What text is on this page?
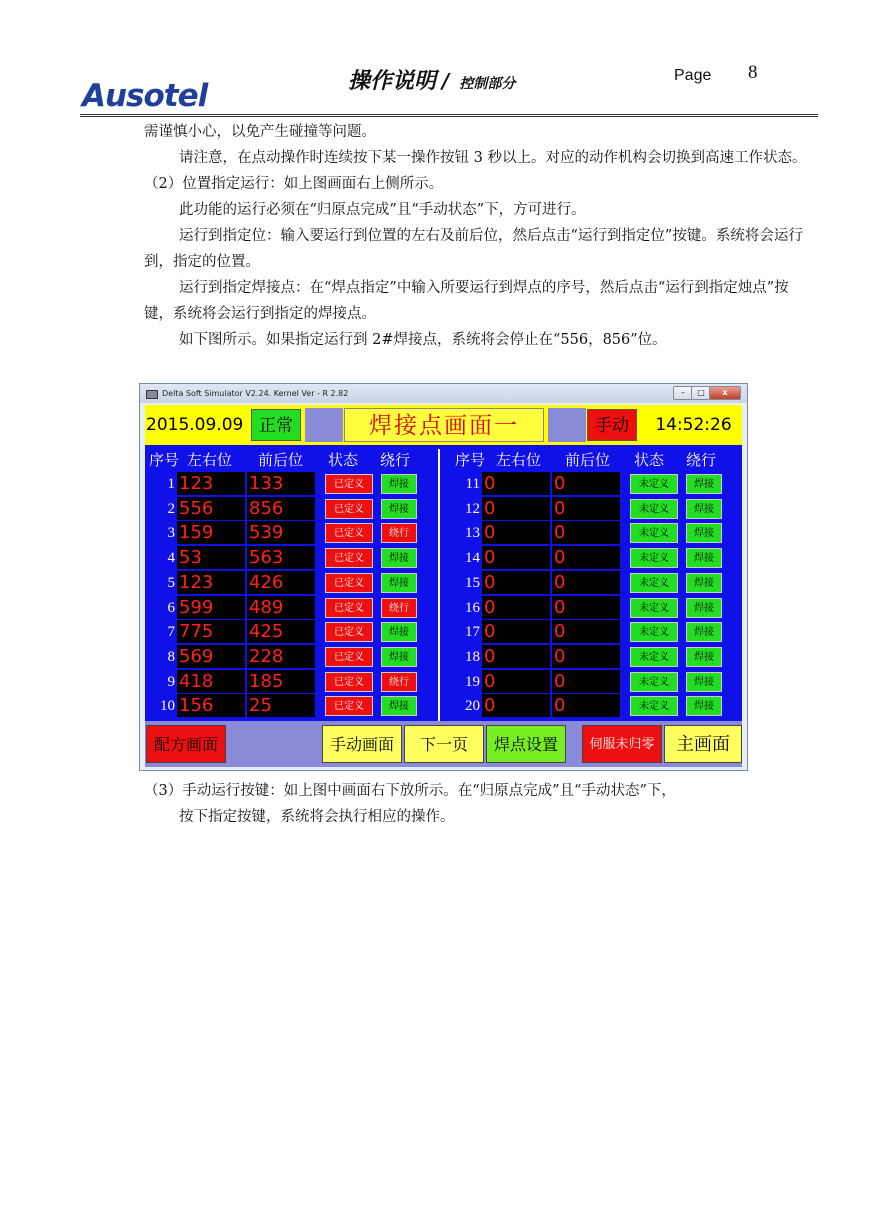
Ausotel	操作说明 / 控制部分	Page 8

需谨慎小心，以免产生碰撞等问题。

请注意，在点动操作时连续按下某一操作按钮 3 秒以上。对应的动作机构会切换到高速工作状态。

（2）位置指定运行：如上图画面右上侧所示。

此功能的运行必须在“归原点完成”且“手动状态”下，方可进行。

运行到指定位：输入要运行到位置的左右及前后位，然后点击“运行到指定位”按键。系统将会运行到，指定的位置。

运行到指定焊接点：在“焊点指定”中输入所要运行到焊点的序号，然后点击“运行到指定烛点”按键，系统将会运行到指定的焊接点。

如下图所示。如果指定运行到 2#焊接点，系统将会停止在“556，856”位。

Delta Soft Simulator V2.24. Kernel Ver - R 2.82	–	□	x
2015.09.09 正常	焊接点画面一	手动	14:52:26
序号 左右位 前后位 状态 绕行	序号 左右位 前后位 状态 绕行
1 123	133	已定义	焊接
2 556	856	已定义	焊接
3 159	539	已定义	绕行
4 53	563	已定义	焊接
5 123	426	已定义	焊接
6 599	489	已定义	绕行
7 775	425	已定义	焊接
8 569	228	已定义	焊接
9 418	185	已定义	绕行
10 156	25	已定义	焊接
11 0	0	未定义	焊接
12 0	0	未定义	焊接
13 0	0	未定义	焊接
14 0	0	未定义	焊接
15 0	0	未定义	焊接
16 0	0	未定义	焊接
17 0	0	未定义	焊接
18 0	0	未定义	焊接
19 0	0	未定义	焊接
20 0	0	未定义	焊接
配方画面	手动画面	下一页	焊点设置	伺服未归零	主画面

（3）手动运行按键：如上图中画面右下放所示。在“归原点完成”且“手动状态”下，

按下指定按键，系统将会执行相应的操作。
